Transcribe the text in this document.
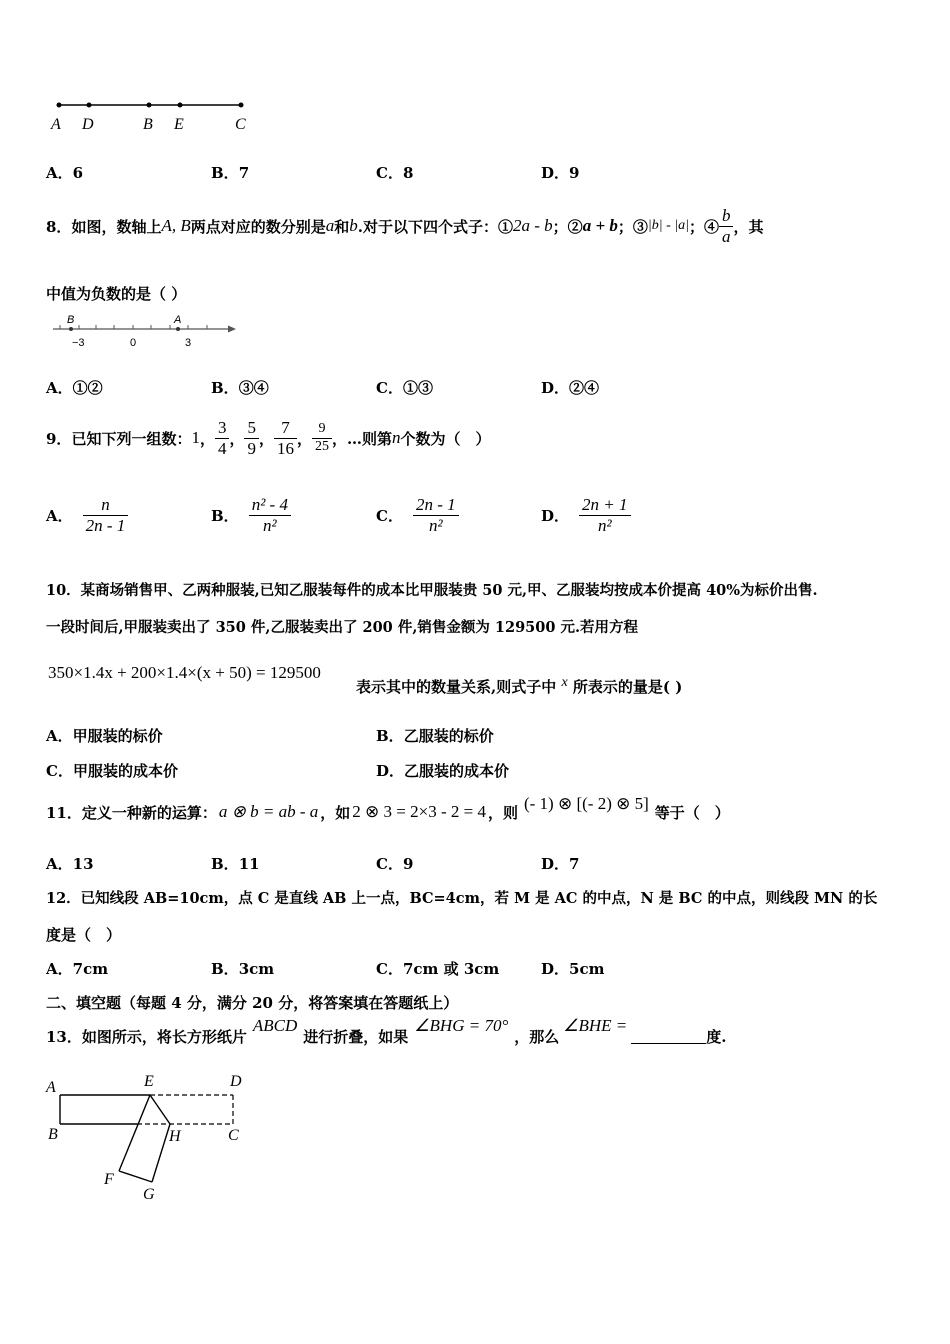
A D	B E	C
A．6	B．7	C．8	D．9
8． 如图，数轴上 A, B 两点对应的数分别是 a 和 b .对于以下四个式子：① 2a - b ；② a + b ；③ |b| - |a| ；④ $\frac{b}{a}$ ，其
中值为负数的是（ ）
B	A
−3	0	3
A．①②	B．③④	C．①③	D．②④
9． 已知下列一组数： 1 ， $\frac{3}{4}$ ， $\frac{5}{9}$ ， $\frac{7}{16}$ ， $\frac{9}{25}$ ，…则第 n 个数为（　）
A． $\frac{n}{2n - 1}$	B． $\frac{\text{n² - 4}}{\text{n²}}$	C． $\frac{2n - 1}{\text{n²}}$	D． $\frac{2n + 1}{\text{n²}}$
10．某商场销售甲、乙两种服装,已知乙服装每件的成本比甲服装贵 50 元,甲、乙服装均按成本价提高 40%为标价出售.
一段时间后,甲服装卖出了 350 件,乙服装卖出了 200 件,销售金额为 129500 元.若用方程
350×1.4x + 200×1.4×(x + 50) = 129500
表示其中的数量关系,则式子中 $^x$ 所表示的量是( )
A．甲服装的标价	B．乙服装的标价
C．甲服装的成本价	D．乙服装的成本价
11． 定义一种新的运算： a ⊗ b = ab - a ，如 2 ⊗ 3 = 2×3 - 2 = 4 ，则 (- 1) ⊗ [(- 2) ⊗ 5] 等于（　）
A．13	B．11	C．9	D．7
12．已知线段 AB=10cm，点 C 是直线 AB 上一点，BC=4cm，若 M 是 AC 的中点，N 是 BC 的中点，则线段 MN 的长
度是（　）
A．7cm	B．3cm	C．7cm 或 3cm	D．5cm
二、填空题（每题 4 分，满分 20 分，将答案填在答题纸上）
13． 如图所示，将长方形纸片
ABCD
进行折叠，如果
∠BHG = 70°
，那么
∠BHE =
度.
A	E	D
B	H	C
F
G
